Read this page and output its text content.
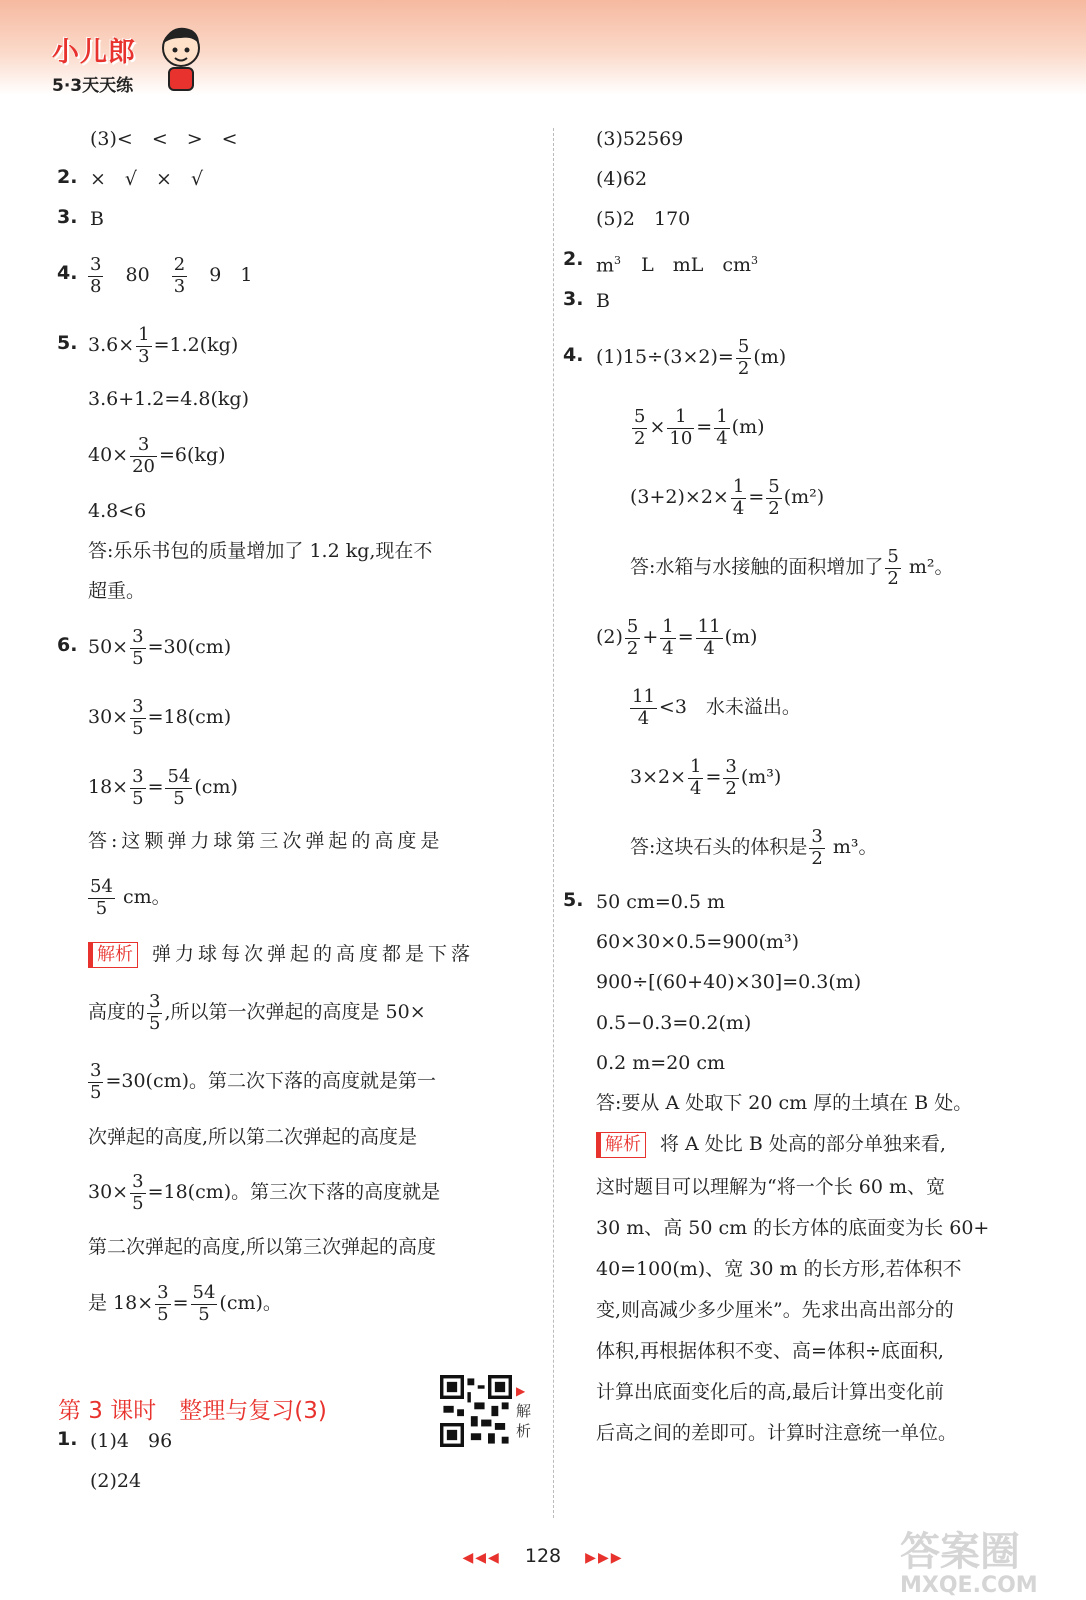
小儿郎
5·3天天练
(3)<　<　>　<
2. ×　√　×　√
3. B
4. $\frac{3}{8} 80 \frac{2}{3} 9$　1
5. $3.6\times \frac{1}{3} =1.2(kg)$
3.6+1.2=4.8(kg)
$40\times \frac{3}{20} =6(kg)$
4.8<6
答:乐乐书包的质量增加了 1.2 kg,现在不
超重。
6. $50\times \frac{3}{5} =30(cm)$
$30\times \frac{3}{5} =18(cm)$
$18\times \frac{3}{5} = \frac{54}{5} (cm)$
答:这颗弹力球第三次弹起的高度是
$\frac{54}{5}$ cm。
解析 弹力球每次弹起的高度都是下落
高度的 $\frac{3}{5}$ ,所以第一次弹起的高度是 50×
$\frac{3}{5} =30(cm)$。第二次下落的高度就是第一
次弹起的高度,所以第二次弹起的高度是
$30\times \frac{3}{5} =18(cm)$。第三次下落的高度就是
第二次弹起的高度,所以第三次弹起的高度
是 $18\times \frac{3}{5} = \frac{54}{5} (cm)$。
第 3 课时　整理与复习(3)
▶
解析
1. (1)4　96
(2)24
(3)52569
(4)62
(5)2　170
2. $m^3$ L　mL　$cm^3$
3. B
4. $(1)15\div(3\times 2)= \frac{5}{2} (m)$
$\frac{5}{2} \times \frac{1}{10} = \frac{1}{4} (m)$
$(3+2)\times 2\times \frac{1}{4} = \frac{5}{2} (m^2)$
答:水箱与水接触的面积增加了 $\frac{5}{2} m^2$。
$(2) \frac{5}{2} + \frac{1}{4} = \frac{11}{4} (m)$
$\frac{11}{4} <3$　水未溢出。
$3\times 2\times \frac{1}{4} = \frac{3}{2} (m^3)$
答:这块石头的体积是 $\frac{3}{2} m^3$。
5. 50 cm=0.5 m
60×30×0.5=900(m³)
900÷[(60+40)×30]=0.3(m)
0.5−0.3=0.2(m)
0.2 m=20 cm
答:要从 A 处取下 20 cm 厚的土填在 B 处。
解析 将 A 处比 B 处高的部分单独来看,
这时题目可以理解为“将一个长 60 m、宽
30 m、高 50 cm 的长方体的底面变为长 60+
40=100(m)、宽 30 m 的长方形,若体积不
变,则高减少多少厘米”。先求出高出部分的
体积,再根据体积不变、高=体积÷底面积,
计算出底面变化后的高,最后计算出变化前
后高之间的差即可。计算时注意统一单位。
◀◀◀ 128 ▶▶▶	答案圈
MXQE.COM
